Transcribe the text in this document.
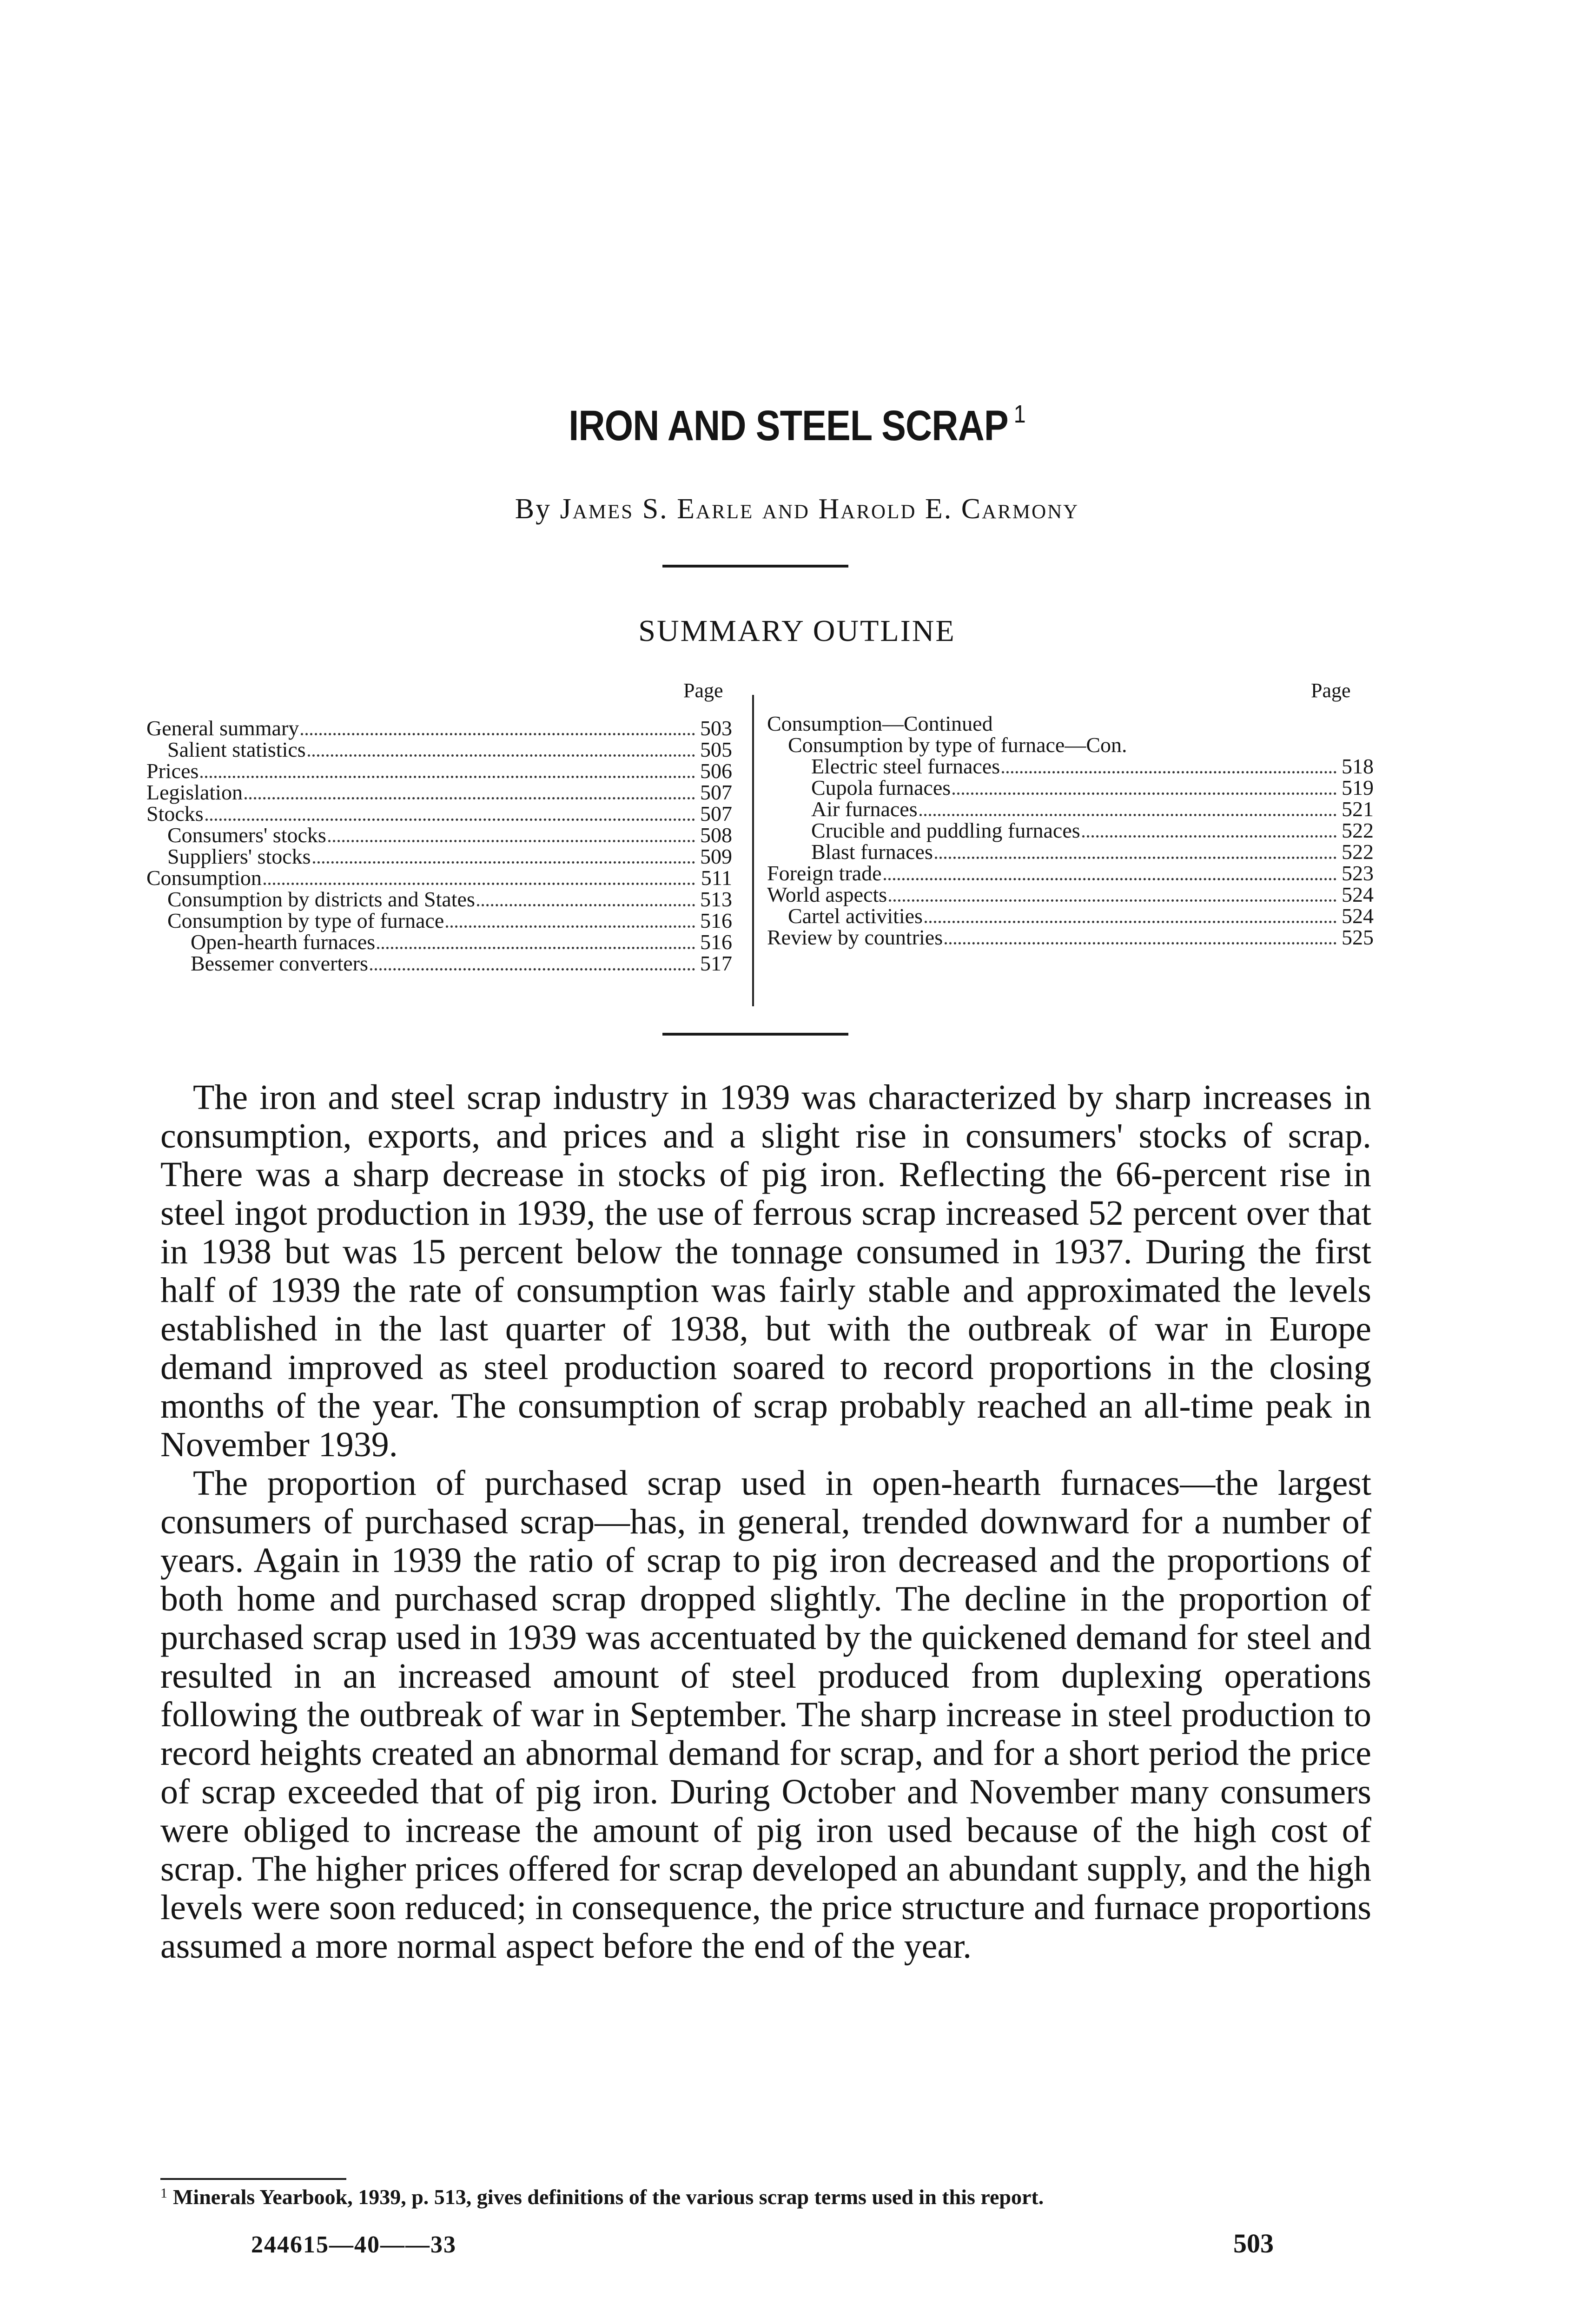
IRON AND STEEL SCRAP $^1$
By James S. Earle and Harold E. Carmony
SUMMARY OUTLINE
Page
General summary	503
Salient statistics	505
Prices	506
Legislation	507
Stocks	507
Consumers' stocks	508
Suppliers' stocks	509
Consumption	511
Consumption by districts and States	513
Consumption by type of furnace	516
Open-hearth furnaces	516
Bessemer converters	517
Page
Consumption—Continued
Consumption by type of furnace—Con.
Electric steel furnaces	518
Cupola furnaces	519
Air furnaces	521
Crucible and puddling furnaces	522
Blast furnaces	522
Foreign trade	523
World aspects	524
Cartel activities	524
Review by countries	525

The iron and steel scrap industry in 1939 was characterized by sharp increases in consumption, exports, and prices and a slight rise in consumers' stocks of scrap. There was a sharp decrease in stocks of pig iron. Reflecting the 66-percent rise in steel ingot production in 1939, the use of ferrous scrap increased 52 percent over that in 1938 but was 15 percent below the tonnage consumed in 1937. During the first half of 1939 the rate of consumption was fairly stable and approximated the levels established in the last quarter of 1938, but with the outbreak of war in Europe demand improved as steel production soared to record proportions in the closing months of the year. The consumption of scrap probably reached an all-time peak in November 1939.

The proportion of purchased scrap used in open-hearth furnaces—the largest consumers of purchased scrap—has, in general, trended downward for a number of years. Again in 1939 the ratio of scrap to pig iron decreased and the proportions of both home and purchased scrap dropped slightly. The decline in the proportion of purchased scrap used in 1939 was accentuated by the quickened demand for steel and resulted in an increased amount of steel produced from duplexing operations following the outbreak of war in September. The sharp increase in steel production to record heights created an abnormal demand for scrap, and for a short period the price of scrap exceeded that of pig iron. During October and November many consumers were obliged to increase the amount of pig iron used because of the high cost of scrap. The higher prices offered for scrap developed an abundant supply, and the high levels were soon reduced; in consequence, the price structure and furnace proportions assumed a more normal aspect before the end of the year.

$^1$ Minerals Yearbook, 1939, p. 513, gives definitions of the various scrap terms used in this report.
244615—40——33	503
